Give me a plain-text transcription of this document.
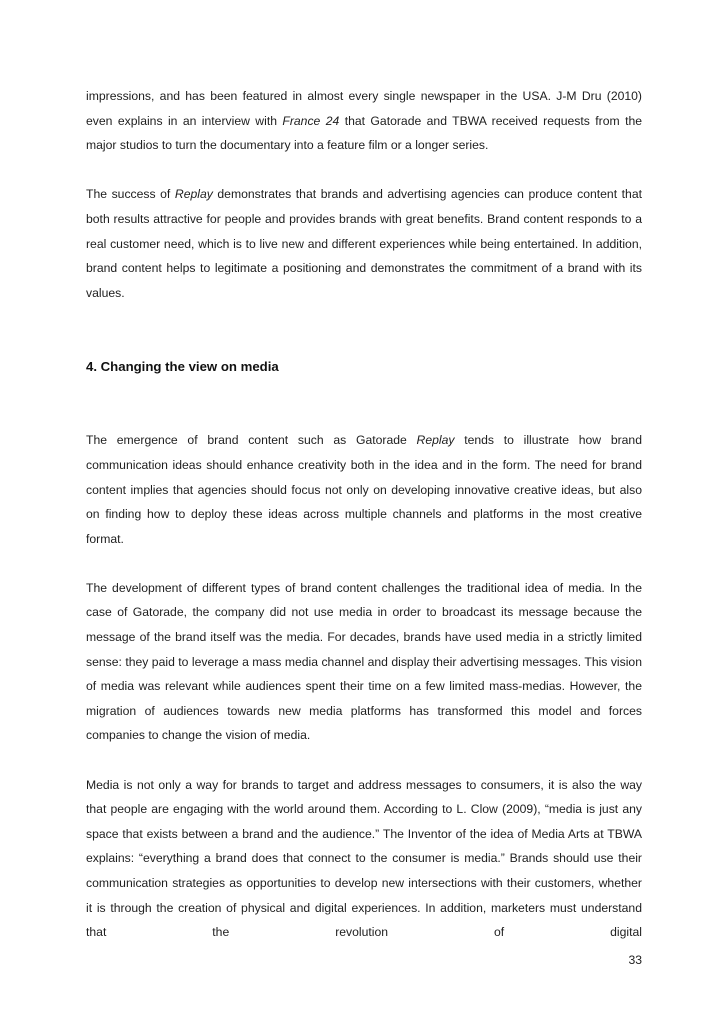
impressions, and has been featured in almost every single newspaper in the USA. J-M Dru (2010) even explains in an interview with France 24 that Gatorade and TBWA received requests from the major studios to turn the documentary into a feature film or a longer series.

The success of Replay demonstrates that brands and advertising agencies can produce content that both results attractive for people and provides brands with great benefits. Brand content responds to a real customer need, which is to live new and different experiences while being entertained. In addition, brand content helps to legitimate a positioning and demonstrates the commitment of a brand with its values.

4. Changing the view on media

The emergence of brand content such as Gatorade Replay tends to illustrate how brand communication ideas should enhance creativity both in the idea and in the form. The need for brand content implies that agencies should focus not only on developing innovative creative ideas, but also on finding how to deploy these ideas across multiple channels and platforms in the most creative format.

The development of different types of brand content challenges the traditional idea of media. In the case of Gatorade, the company did not use media in order to broadcast its message because the message of the brand itself was the media. For decades, brands have used media in a strictly limited sense: they paid to leverage a mass media channel and display their advertising messages. This vision of media was relevant while audiences spent their time on a few limited mass-medias. However, the migration of audiences towards new media platforms has transformed this model and forces companies to change the vision of media.

Media is not only a way for brands to target and address messages to consumers, it is also the way that people are engaging with the world around them. According to L. Clow (2009), “media is just any space that exists between a brand and the audience.” The Inventor of the idea of Media Arts at TBWA explains: “everything a brand does that connect to the consumer is media.” Brands should use their communication strategies as opportunities to develop new intersections with their customers, whether it is through the creation of physical and digital experiences. In addition, marketers must understand that the revolution of digital

33
